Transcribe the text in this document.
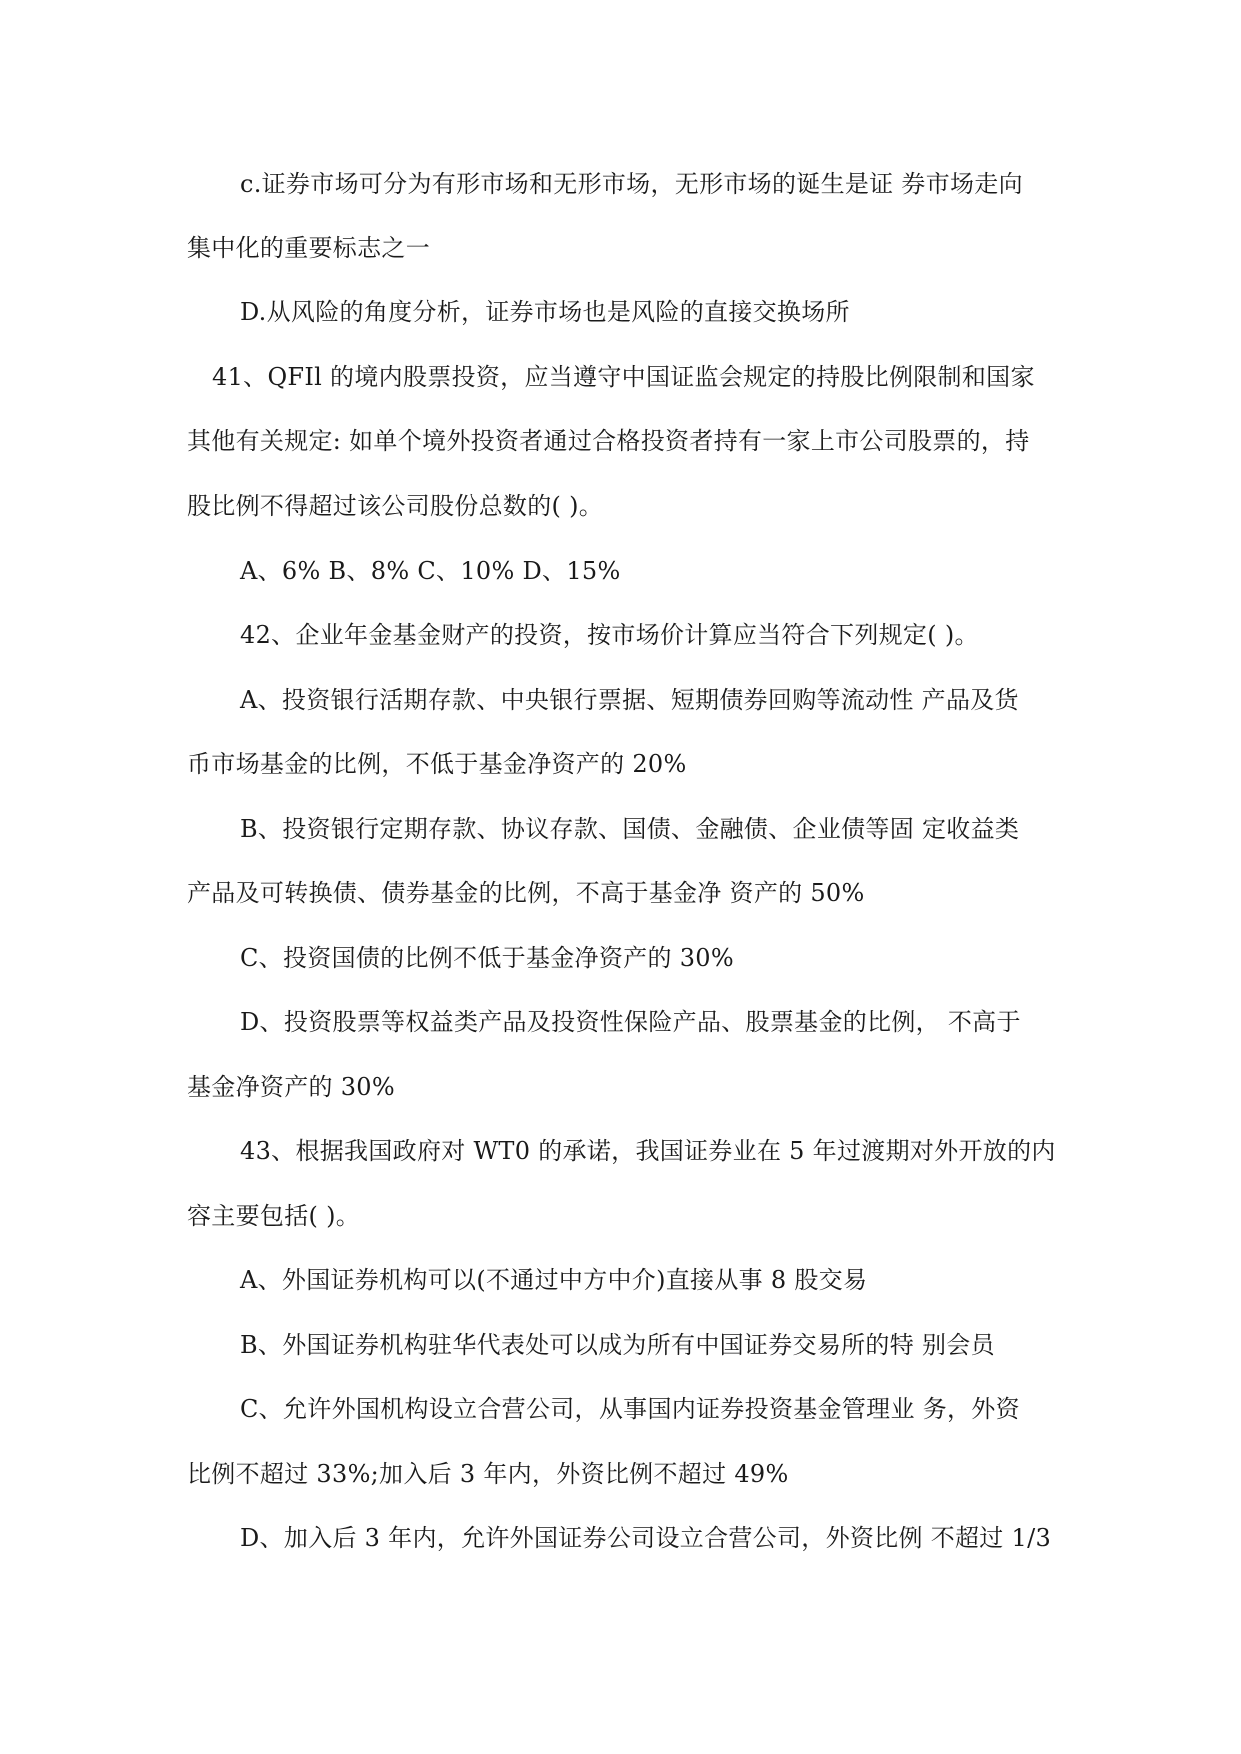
c.证券市场可分为有形市场和无形市场，无形市场的诞生是证 券市场走向
集中化的重要标志之一
D.从风险的角度分析，证券市场也是风险的直接交换场所
41、QFIl 的境内股票投资，应当遵守中国证监会规定的持股比例限制和国家
其他有关规定: 如单个境外投资者通过合格投资者持有一家上市公司股票的，持
股比例不得超过该公司股份总数的( )。
A、6% B、8% C、10% D、15%
42、企业年金基金财产的投资，按市场价计算应当符合下列规定( )。
A、投资银行活期存款、中央银行票据、短期债券回购等流动性 产品及货
币市场基金的比例，不低于基金净资产的 20%
B、投资银行定期存款、协议存款、国债、金融债、企业债等固 定收益类
产品及可转换债、债券基金的比例，不高于基金净 资产的 50%
C、投资国债的比例不低于基金净资产的 30%
D、投资股票等权益类产品及投资性保险产品、股票基金的比例， 不高于
基金净资产的 30%
43、根据我国政府对 WT0 的承诺，我国证券业在 5 年过渡期对外开放的内
容主要包括( )。
A、外国证券机构可以(不通过中方中介)直接从事 8 股交易
B、外国证券机构驻华代表处可以成为所有中国证券交易所的特 别会员
C、允许外国机构设立合营公司，从事国内证券投资基金管理业 务，外资
比例不超过 33%;加入后 3 年内，外资比例不超过 49%
D、加入后 3 年内，允许外国证券公司设立合营公司，外资比例 不超过 1/3
